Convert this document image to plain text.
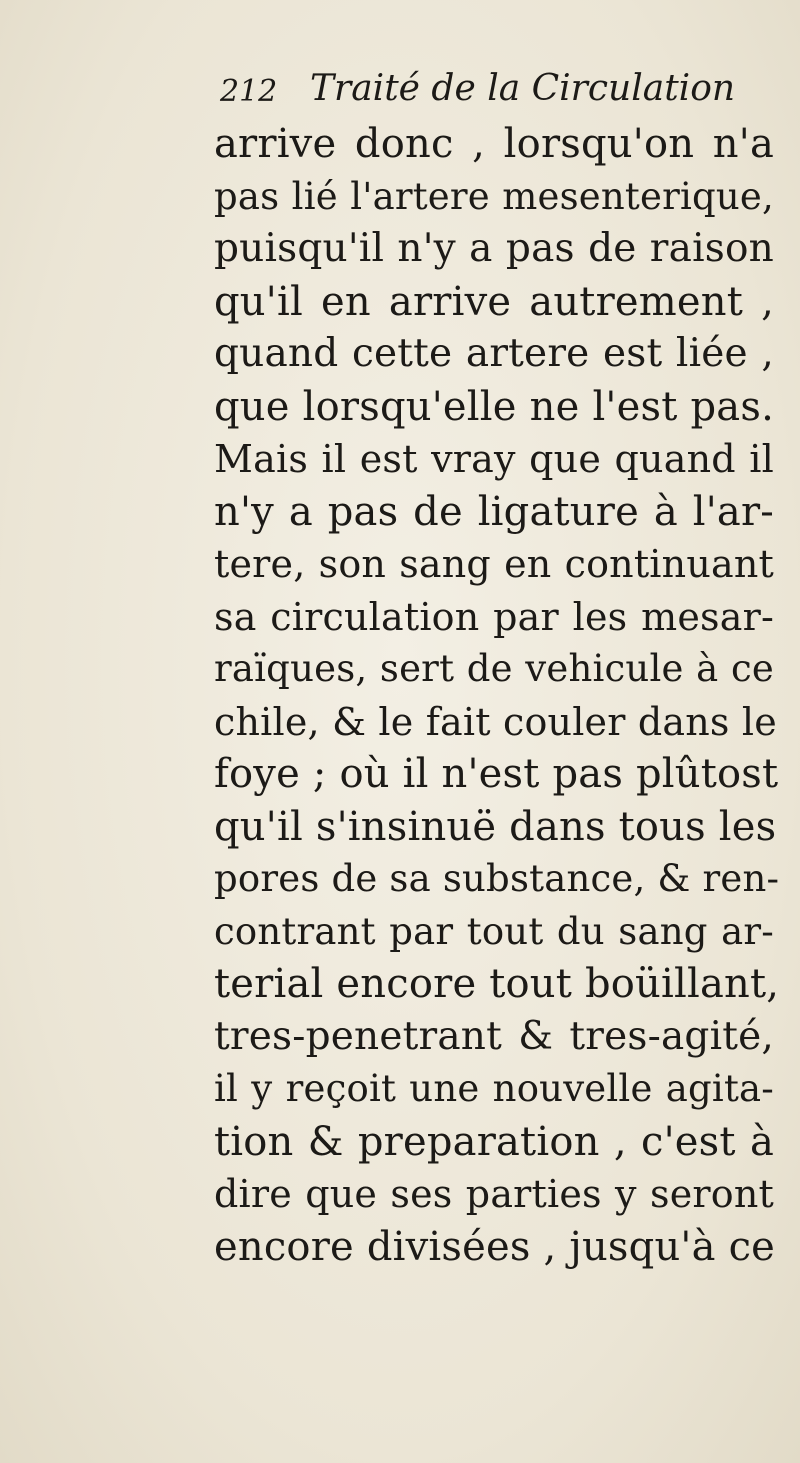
212 Traité de la Circulation
arrive donc , lorsqu'on n'a
pas lié l'artere mesenterique,
puisqu'il n'y a pas de raison
qu'il en arrive autrement ,
quand cette artere est liée ,
que lorsqu'elle ne l'est pas.
Mais il est vray que quand il
n'y a pas de ligature à l'ar-
tere, son sang en continuant
sa circulation par les mesar-
raïques, sert de vehicule à ce
chile, & le fait couler dans le
foye ; où il n'est pas plûtost
qu'il s'insinuë dans tous les
pores de sa substance, & ren-
contrant par tout du sang ar-
terial encore tout boüillant,
tres-penetrant & tres-agité,
il y reçoit une nouvelle agita-
tion & preparation , c'est à
dire que ses parties y seront
encore divisées , jusqu'à ce
